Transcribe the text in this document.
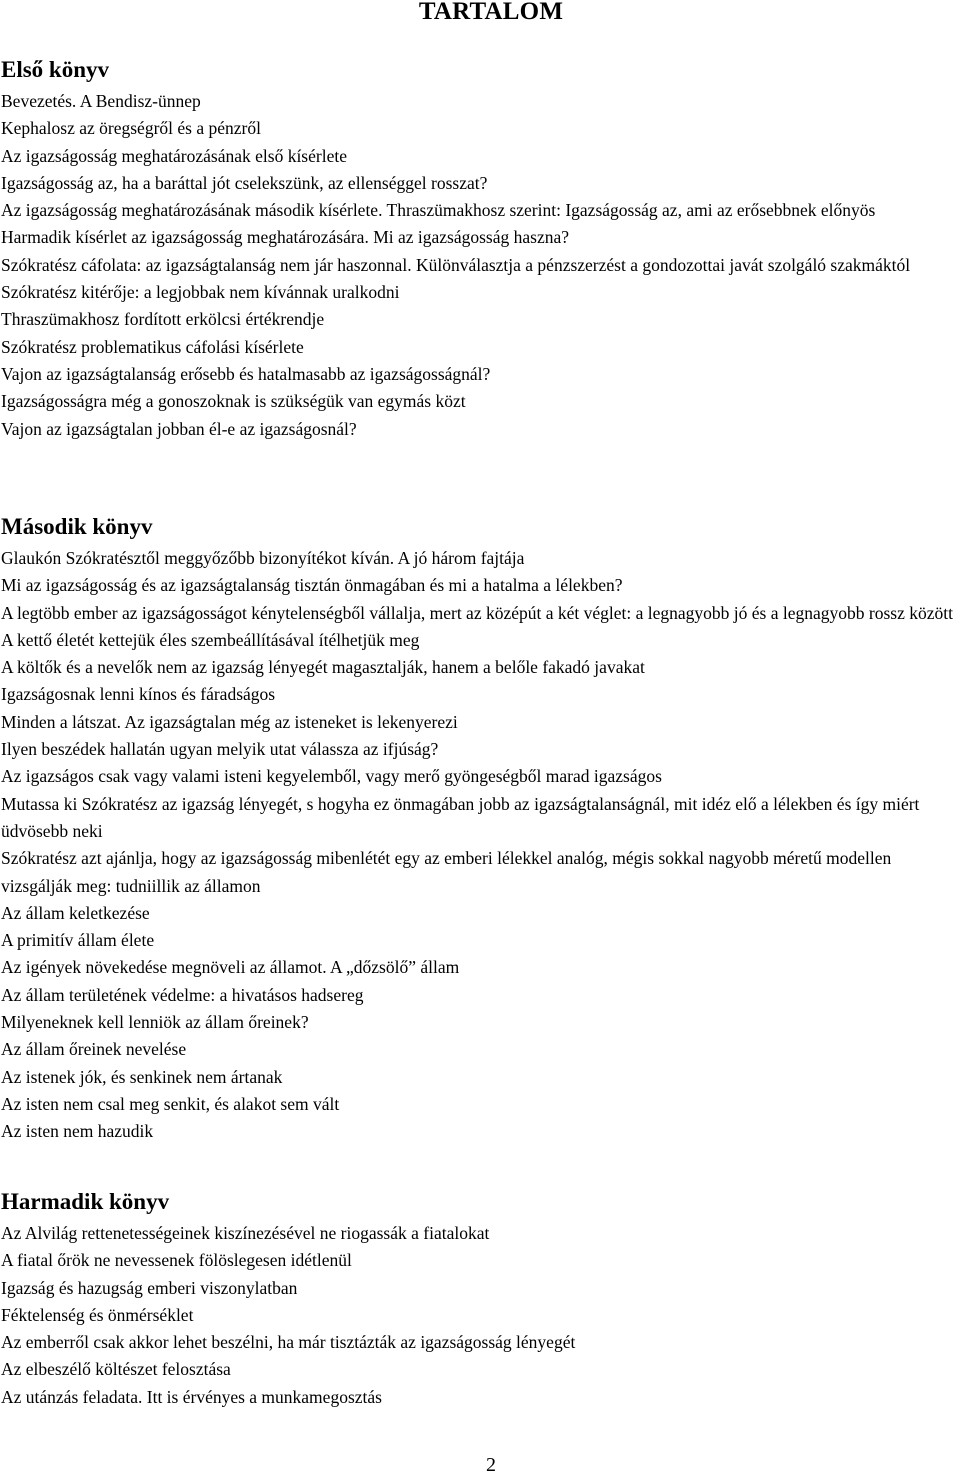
TARTALOM
Első könyv
Bevezetés. A Bendisz-ünnep
Kephalosz az öregségről és a pénzről
Az igazságosság meghatározásának első kísérlete
Igazságosság az, ha a baráttal jót cselekszünk, az ellenséggel rosszat?
Az igazságosság meghatározásának második kísérlete. Thraszümakhosz szerint: Igazságosság az, ami az erősebbnek előnyös
Harmadik kísérlet az igazságosság meghatározására. Mi az igazságosság haszna?
Szókratész cáfolata: az igazságtalanság nem jár haszonnal. Különválasztja a pénzszerzést a gondozottai javát szolgáló szakmáktól
Szókratész kitérője: a legjobbak nem kívánnak uralkodni
Thraszümakhosz fordított erkölcsi értékrendje
Szókratész problematikus cáfolási kísérlete
Vajon az igazságtalanság erősebb és hatalmasabb az igazságosságnál?
Igazságosságra még a gonoszoknak is szükségük van egymás közt
Vajon az igazságtalan jobban él-e az igazságosnál?
Második könyv
Glaukón Szókratésztől meggyőzőbb bizonyítékot kíván. A jó három fajtája
Mi az igazságosság és az igazságtalanság tisztán önmagában és mi a hatalma a lélekben?
A legtöbb ember az igazságosságot kénytelenségből vállalja, mert az középút a két véglet: a legnagyobb jó és a legnagyobb rossz között
A kettő életét kettejük éles szembeállításával ítélhetjük meg
A költők és a nevelők nem az igazság lényegét magasztalják, hanem a belőle fakadó javakat
Igazságosnak lenni kínos és fáradságos
Minden a látszat. Az igazságtalan még az isteneket is lekenyerezi
Ilyen beszédek hallatán ugyan melyik utat válassza az ifjúság?
Az igazságos csak vagy valami isteni kegyelemből, vagy merő gyöngeségből marad igazságos
Mutassa ki Szókratész az igazság lényegét, s hogyha ez önmagában jobb az igazságtalanságnál, mit idéz elő a lélekben és így miért üdvösebb neki
Szókratész azt ajánlja, hogy az igazságosság mibenlétét egy az emberi lélekkel analóg, mégis sokkal nagyobb méretű modellen vizsgálják meg: tudniillik az államon
Az állam keletkezése
A primitív állam élete
Az igények növekedése megnöveli az államot. A „dőzsölő” állam
Az állam területének védelme: a hivatásos hadsereg
Milyeneknek kell lenniök az állam őreinek?
Az állam őreinek nevelése
Az istenek jók, és senkinek nem ártanak
Az isten nem csal meg senkit, és alakot sem vált
Az isten nem hazudik
Harmadik könyv
Az Alvilág rettenetességeinek kiszínezésével ne riogassák a fiatalokat
A fiatal őrök ne nevessenek fölöslegesen idétlenül
Igazság és hazugság emberi viszonylatban
Féktelenség és önmérséklet
Az emberről csak akkor lehet beszélni, ha már tisztázták az igazságosság lényegét
Az elbeszélő költészet felosztása
Az utánzás feladata. Itt is érvényes a munkamegosztás
2
